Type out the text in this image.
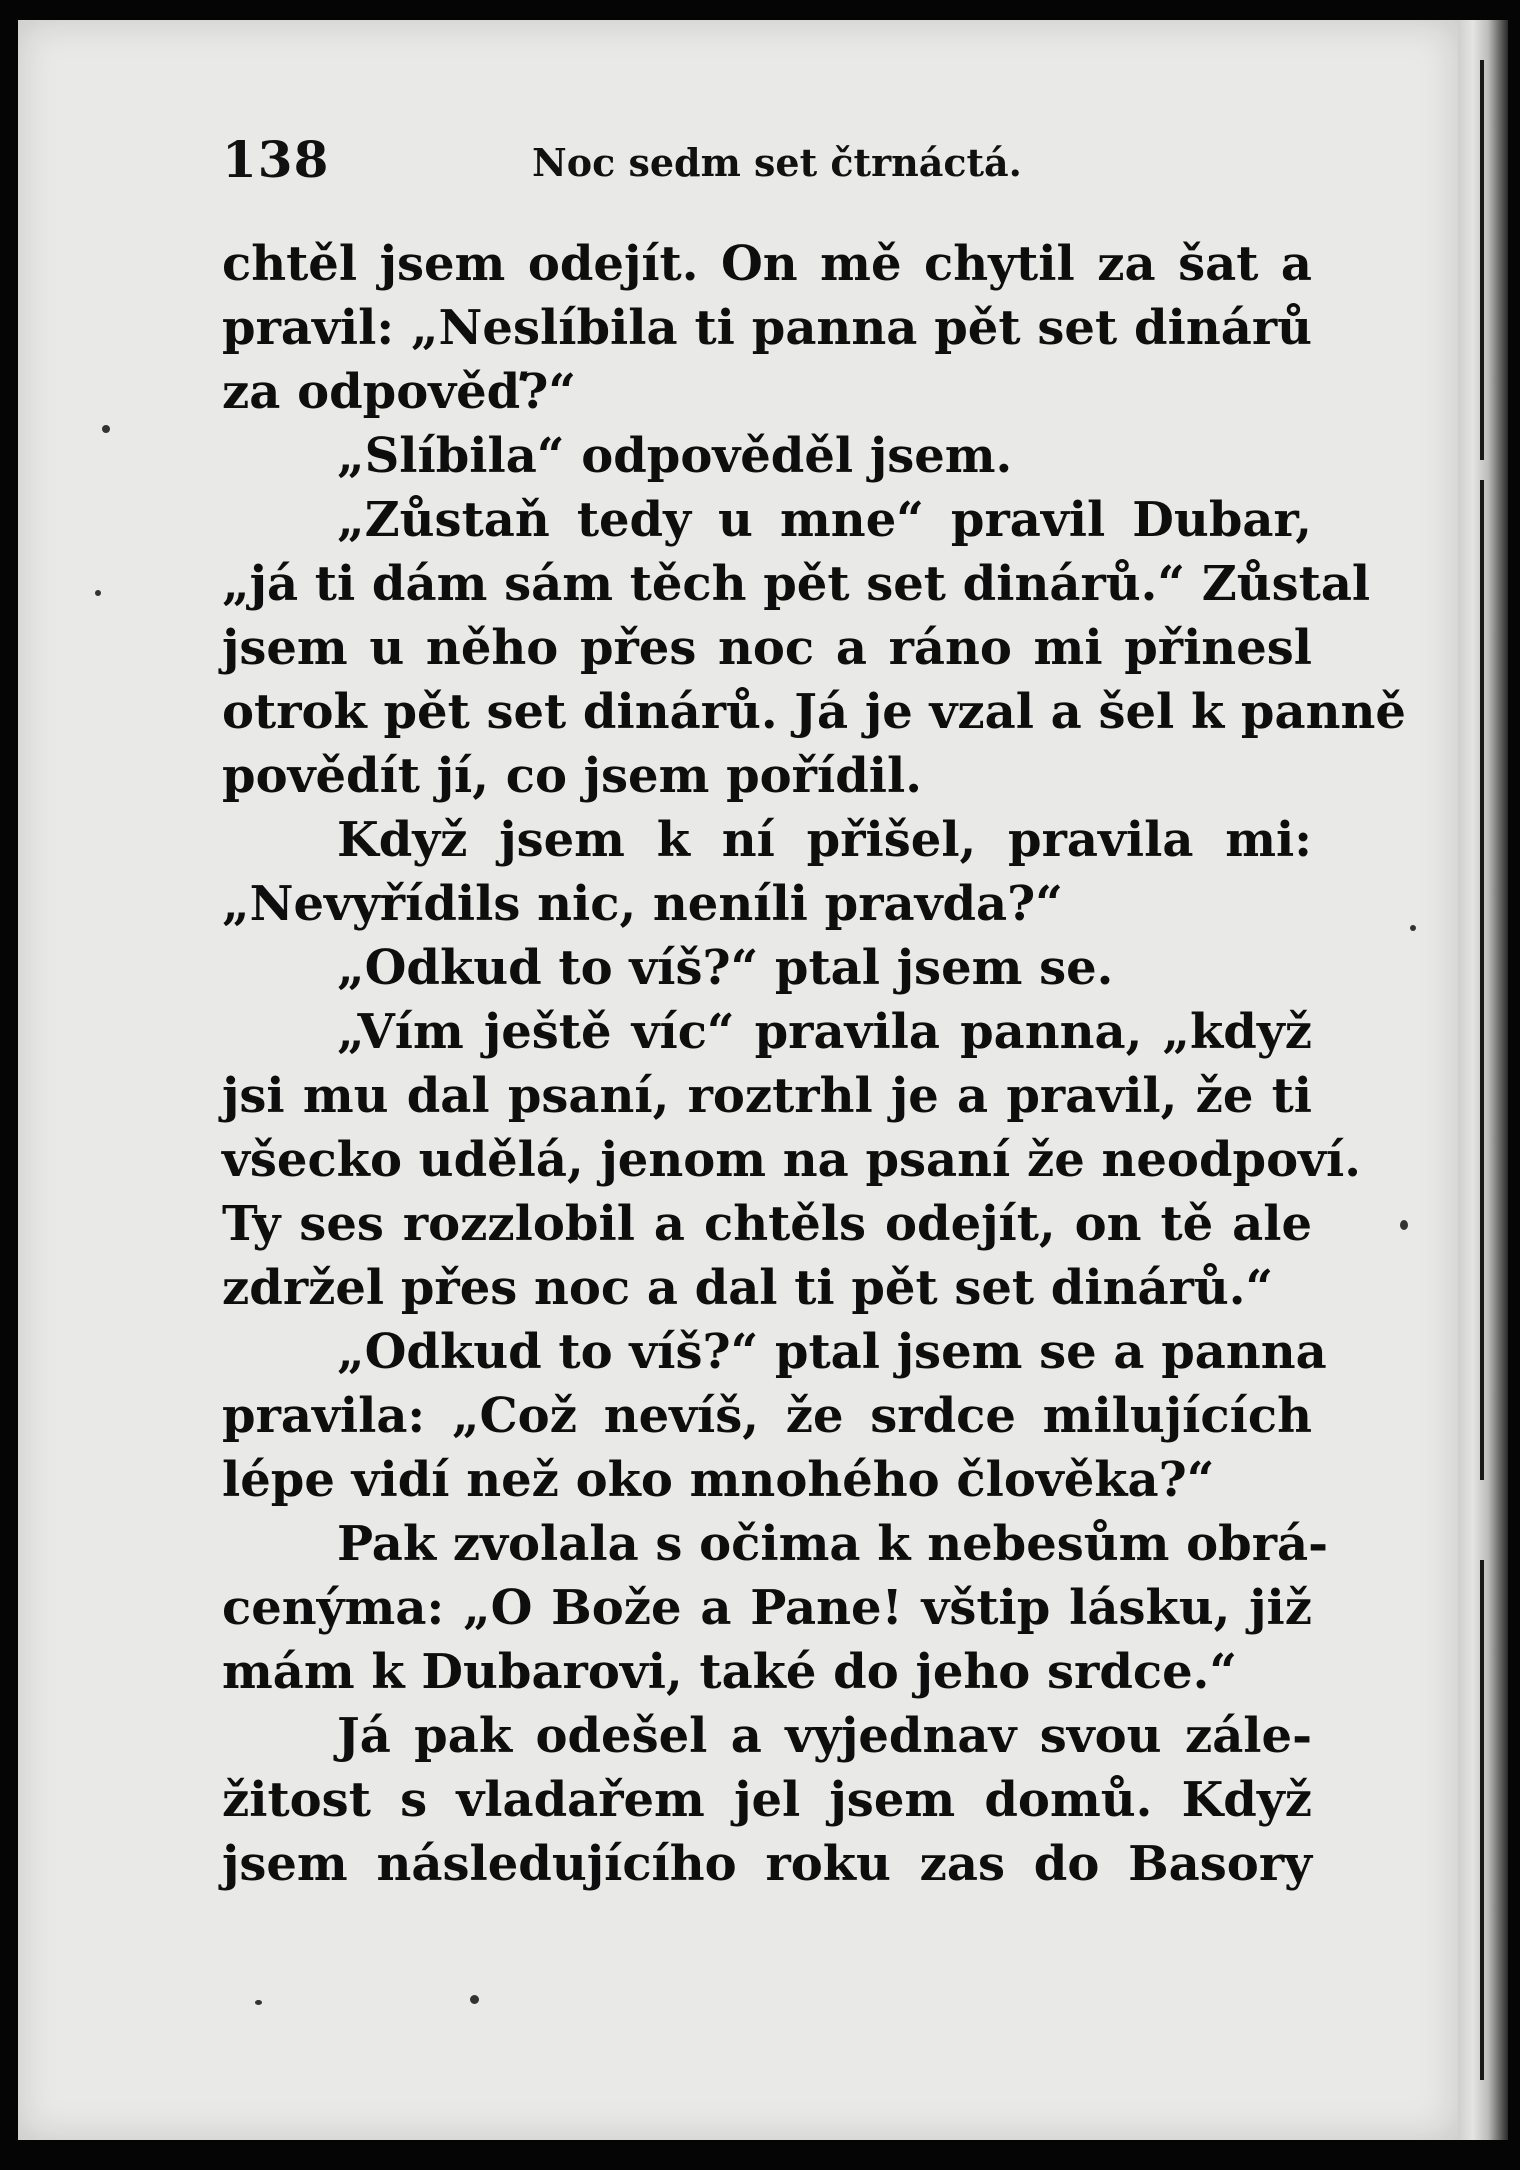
138	Noc sedm set čtrnáctá.
chtěl jsem odejít. On mě chytil za šat a
pravil: „Neslíbila ti panna pět set dinárů
za odpověď?“
„Slíbila“ odpověděl jsem.
„Zůstaň tedy u mne“ pravil Dubar,
„já ti dám sám těch pět set dinárů.“ Zůstal
jsem u něho přes noc a ráno mi přinesl
otrok pět set dinárů. Já je vzal a šel k panně
povědít jí, co jsem pořídil.
Když jsem k ní přišel, pravila mi:
„Nevyřídils nic, neníli pravda?“
„Odkud to víš?“ ptal jsem se.
„Vím ještě víc“ pravila panna, „když
jsi mu dal psaní, roztrhl je a pravil, že ti
všecko udělá, jenom na psaní že neodpoví.
Ty ses rozzlobil a chtěls odejít, on tě ale
zdržel přes noc a dal ti pět set dinárů.“
„Odkud to víš?“ ptal jsem se a panna
pravila: „Což nevíš, že srdce milujících
lépe vidí než oko mnohého člověka?“
Pak zvolala s očima k nebesům obrá-
cenýma: „O Bože a Pane! vštip lásku, již
mám k Dubarovi, také do jeho srdce.“
Já pak odešel a vyjednav svou zále-
žitost s vladařem jel jsem domů. Když
jsem následujícího roku zas do Basory
